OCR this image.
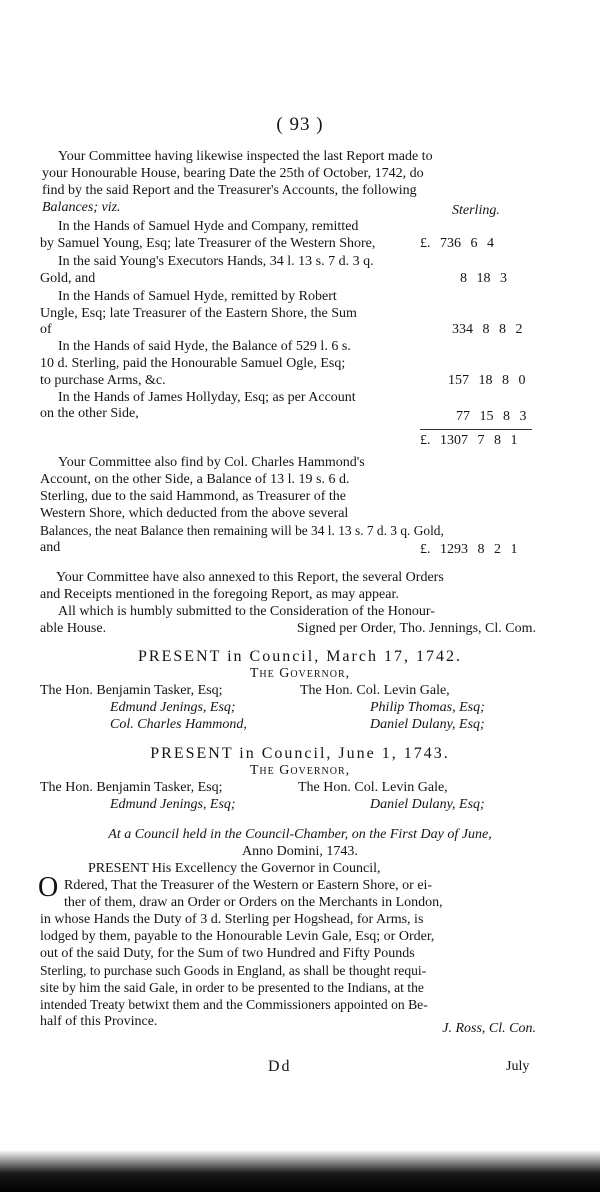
( 93 )
Your Committee having likewise inspected the last Report made to
your Honourable House, bearing Date the 25th of October, 1742, do
find by the said Report and the Treasurer's Accounts, the following
Balances; viz.	Sterling.
In the Hands of Samuel Hyde and Company, remitted
by Samuel Young, Esq; late Treasurer of the Western Shore,	£. 736 6 4
In the said Young's Executors Hands, 34 l. 13 s. 7 d. 3 q.
Gold, and	8 18 3
In the Hands of Samuel Hyde, remitted by Robert
Ungle, Esq; late Treasurer of the Eastern Shore, the Sum
of	334 8 8 2
In the Hands of said Hyde, the Balance of 529 l. 6 s.
10 d. Sterling, paid the Honourable Samuel Ogle, Esq;
to purchase Arms, &c.	157 18 8 0
In the Hands of James Hollyday, Esq; as per Account
on the other Side,	77 15 8 3
£. 1307 7 8 1
Your Committee also find by Col. Charles Hammond's
Account, on the other Side, a Balance of 13 l. 19 s. 6 d.
Sterling, due to the said Hammond, as Treasurer of the
Western Shore, which deducted from the above several
Balances, the neat Balance then remaining will be 34 l. 13 s. 7 d. 3 q. Gold,
and	£. 1293 8 2 1
Your Committee have also annexed to this Report, the several Orders
and Receipts mentioned in the foregoing Report, as may appear.
All which is humbly submitted to the Consideration of the Honour-
able House.	Signed per Order, Tho. Jennings, Cl. Com.
PRESENT in Council, March 17, 1742.
The Governor,
The Hon. Benjamin Tasker, Esq;	The Hon. Col. Levin Gale,
Edmund Jenings, Esq;	Philip Thomas, Esq;
Col. Charles Hammond,	Daniel Dulany, Esq;
PRESENT in Council, June 1, 1743.
The Governor,
The Hon. Benjamin Tasker, Esq;	The Hon. Col. Levin Gale,
Edmund Jenings, Esq;	Daniel Dulany, Esq;
At a Council held in the Council-Chamber, on the First Day of June,
Anno Domini, 1743.
PRESENT His Excellency the Governor in Council,
O Rdered, That the Treasurer of the Western or Eastern Shore, or ei-
ther of them, draw an Order or Orders on the Merchants in London,
in whose Hands the Duty of 3 d. Sterling per Hogshead, for Arms, is
lodged by them, payable to the Honourable Levin Gale, Esq; or Order,
out of the said Duty, for the Sum of two Hundred and Fifty Pounds
Sterling, to purchase such Goods in England, as shall be thought requi-
site by him the said Gale, in order to be presented to the Indians, at the
intended Treaty betwixt them and the Commissioners appointed on Be-
half of this Province.	J. Ross, Cl. Con.
Dd	July
